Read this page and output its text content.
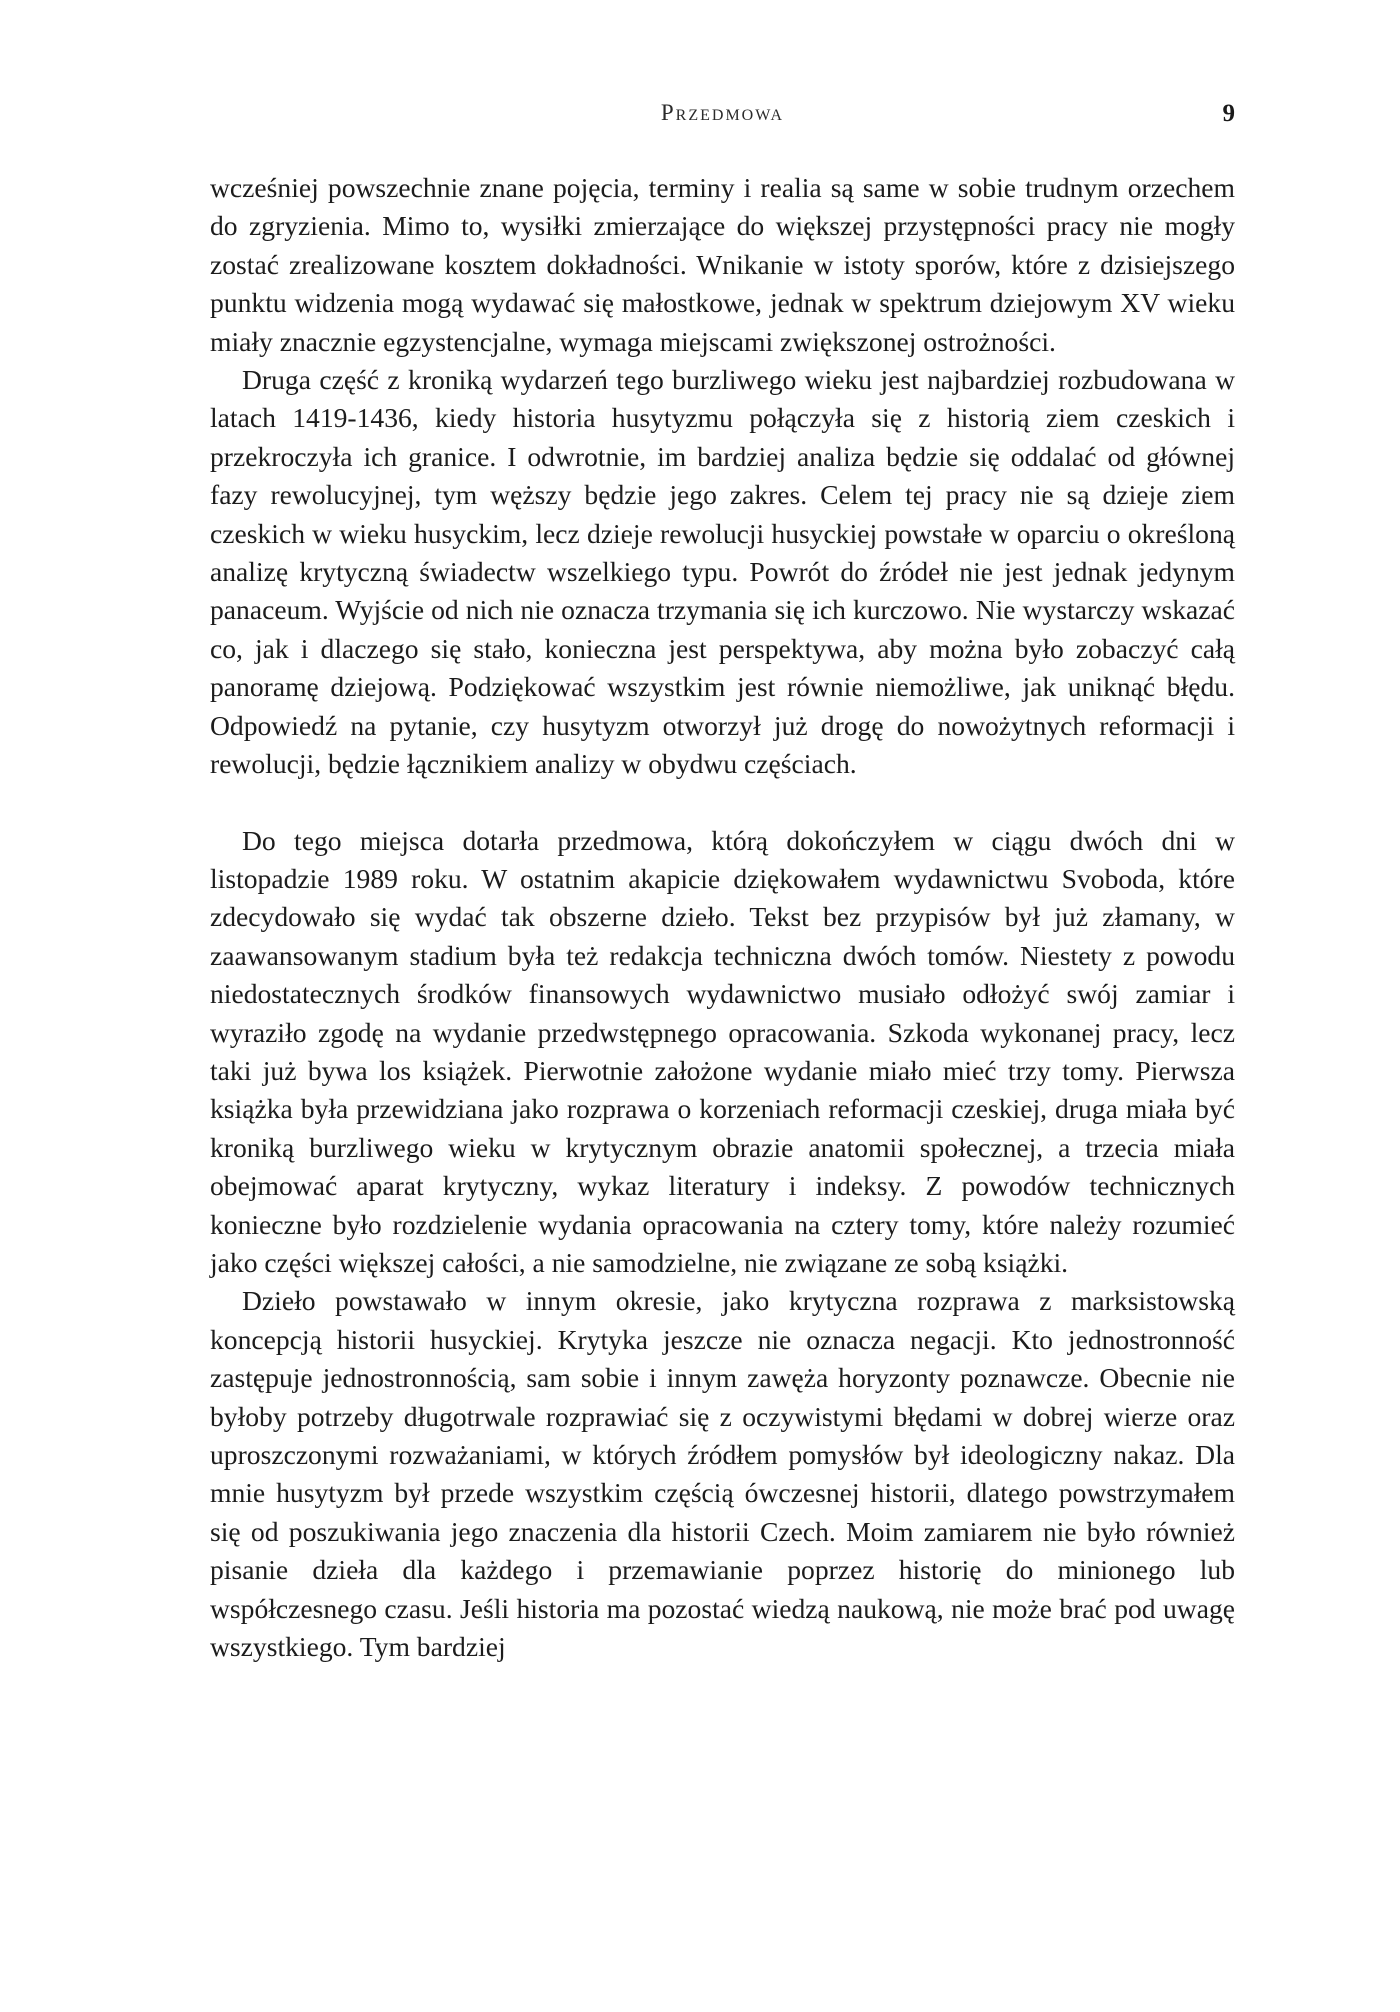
Przedmowa	9

wcześniej powszechnie znane pojęcia, terminy i realia są same w sobie trudnym orzechem do zgryzienia. Mimo to, wysiłki zmierzające do większej przystępności pracy nie mogły zostać zrealizowane kosztem dokładności. Wnikanie w istoty sporów, które z dzisiejszego punktu widzenia mogą wydawać się małostkowe, jednak w spektrum dziejowym XV wieku miały znacznie egzystencjalne, wymaga miejscami zwiększonej ostrożności.

Druga część z kroniką wydarzeń tego burzliwego wieku jest najbardziej rozbudowana w latach 1419-1436, kiedy historia husytyzmu połączyła się z historią ziem czeskich i przekroczyła ich granice. I odwrotnie, im bardziej analiza będzie się oddalać od głównej fazy rewolucyjnej, tym węższy będzie jego zakres. Celem tej pracy nie są dzieje ziem czeskich w wieku husyckim, lecz dzieje rewolucji husyckiej powstałe w oparciu o określoną analizę krytyczną świadectw wszelkiego typu. Powrót do źródeł nie jest jednak jedynym panaceum. Wyjście od nich nie oznacza trzymania się ich kurczowo. Nie wystarczy wskazać co, jak i dlaczego się stało, konieczna jest perspektywa, aby można było zobaczyć całą panoramę dziejową. Podziękować wszystkim jest równie niemożliwe, jak uniknąć błędu. Odpowiedź na pytanie, czy husytyzm otworzył już drogę do nowożytnych reformacji i rewolucji, będzie łącznikiem analizy w obydwu częściach.

Do tego miejsca dotarła przedmowa, którą dokończyłem w ciągu dwóch dni w listopadzie 1989 roku. W ostatnim akapicie dziękowałem wydawnictwu Svoboda, które zdecydowało się wydać tak obszerne dzieło. Tekst bez przypisów był już złamany, w zaawansowanym stadium była też redakcja techniczna dwóch tomów. Niestety z powodu niedostatecznych środków finansowych wydawnictwo musiało odłożyć swój zamiar i wyraziło zgodę na wydanie przedwstępnego opracowania. Szkoda wykonanej pracy, lecz taki już bywa los książek. Pierwotnie założone wydanie miało mieć trzy tomy. Pierwsza książka była przewidziana jako rozprawa o korzeniach reformacji czeskiej, druga miała być kroniką burzliwego wieku w krytycznym obrazie anatomii społecznej, a trzecia miała obejmować aparat krytyczny, wykaz literatury i indeksy. Z powodów technicznych konieczne było rozdzielenie wydania opracowania na cztery tomy, które należy rozumieć jako części większej całości, a nie samodzielne, nie związane ze sobą książki.

Dzieło powstawało w innym okresie, jako krytyczna rozprawa z marksistowską koncepcją historii husyckiej. Krytyka jeszcze nie oznacza negacji. Kto jednostronność zastępuje jednostronnością, sam sobie i innym zawęża horyzonty poznawcze. Obecnie nie byłoby potrzeby długotrwale rozprawiać się z oczywistymi błędami w dobrej wierze oraz uproszczonymi rozważaniami, w których źródłem pomysłów był ideologiczny nakaz. Dla mnie husytyzm był przede wszystkim częścią ówczesnej historii, dlatego powstrzymałem się od poszukiwania jego znaczenia dla historii Czech. Moim zamiarem nie było również pisanie dzieła dla każdego i przemawianie poprzez historię do minionego lub współczesnego czasu. Jeśli historia ma pozostać wiedzą naukową, nie może brać pod uwagę wszystkiego. Tym bardziej
